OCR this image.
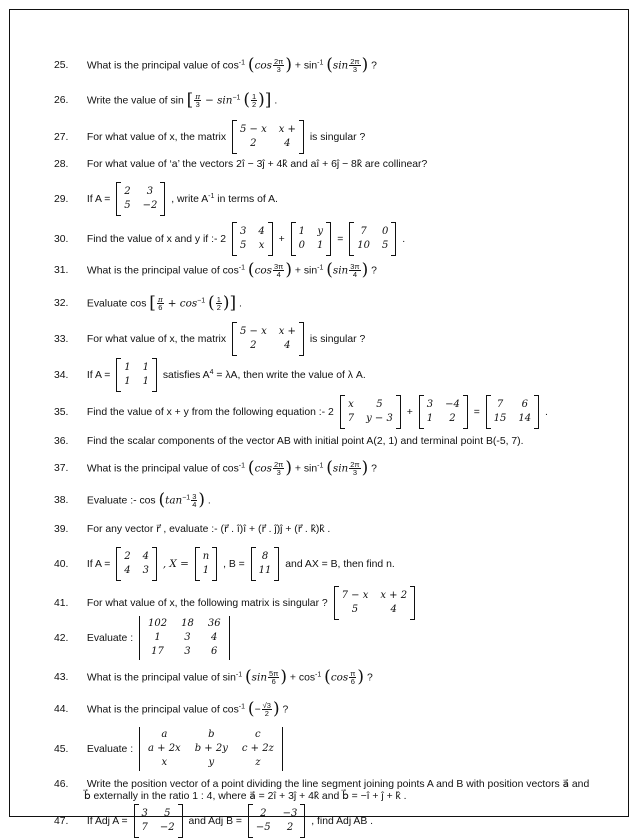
25. What is the principal value of $\cos^{-1} (\cos \frac{2\pi}{3}$ ) + $\sin^{-1} (\sin \frac{2\pi}{3}$ ) ?
26. Write the value of sin [ $\frac{\pi}{3} - \sin^{-1}$ ( $\frac{1}{2}$ )] .
27. For what value of x, the matrix 5 − x	x +
2	4
is singular ?
28. For what value of ‘a’ the vectors 2î − 3ĵ + 4k̂ and aî + 6ĵ − 8k̂ are collinear?
29. If A = 2	3
5	−2
, write $A^{-1}$ in terms of A.
30. Find the value of x and y if :- 2 3	4
5	x
+ 1	y
0	1
= 7	0
10	5
.
31. What is the principal value of $\cos^{-1} (\cos \frac{3\pi}{4}$ ) + $\sin^{-1} (\sin \frac{3\pi}{4}$ ) ?
32. Evaluate cos [ $\frac{\pi}{6} + \cos^{-1}$ ( $\frac{1}{2}$ )] .
33. For what value of x, the matrix 5 − x	x +
2	4
is singular ?
34. If A = 1	1
1	1
satisfies $A^4 = \lambda A$, then write the value of λ A.
35. Find the value of x + y from the following equation :- 2 x	5
7	y − 3
+ 3	−4
1	2
= 7	6
15	14
.
36. Find the scalar components of the vector AB with initial point A(2, 1) and terminal point B(-5, 7).
37. What is the principal value of $\cos^{-1} (\cos \frac{2\pi}{3}$ ) + $\sin^{-1} (\sin \frac{2\pi}{3}$ ) ?
38. Evaluate :- $\cos (\tan^{-1} \frac{3}{4}$ ) .
39. For any vector r⃗ , evaluate :- (r⃗ . î)î + (r⃗ . ĵ)ĵ + (r⃗ . k̂)k̂ .
40. If A = 2	4
4	3
, X = n
1
, B = 8
11
and AX = B, then find n.
41. For what value of x, the following matrix is singular ? 7 − x	x + 2
5	4

42. Evaluate : 102	18	36
1	3	4
17	3	6
43. What is the principal value of $\sin^{-1} (\sin \frac{5\pi}{6}$ ) + $\cos^{-1} (\cos \frac{\pi}{6}$ ) ?
44. What is the principal value of $\cos^{-1}$ (− $\frac{√3}{2}$ ) ?
45. Evaluate : a	b	c
a + 2x	b + 2y	c + 2z
x	y	z
46. Write the position vector of a point dividing the line segment joining points A and B with position vectors a⃗ and
b⃗ externally in the ratio 1 : 4, where a⃗ = 2î + 3ĵ + 4k̂ and b⃗ = −î + ĵ + k̂ .
47. If Adj A = 3	5
7	−2
and Adj B = 2	−3
−5	2
, find Adj AB .
